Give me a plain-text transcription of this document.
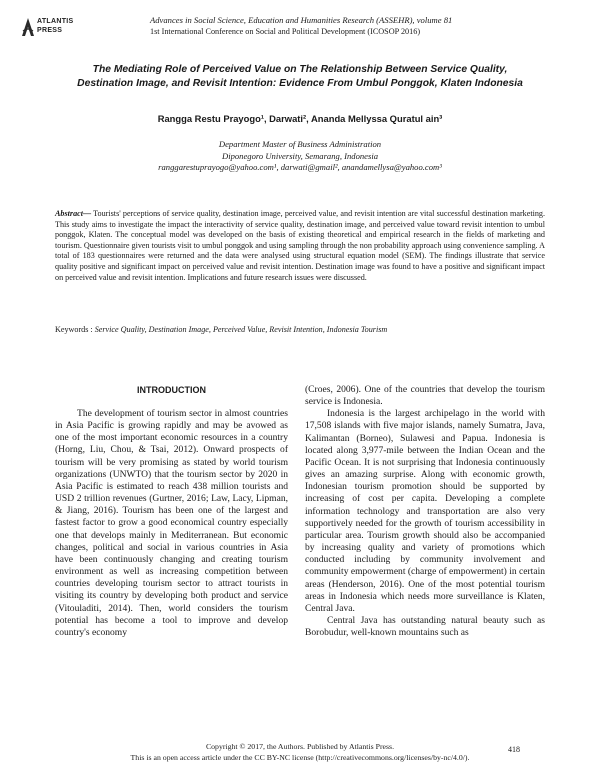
ATLANTIS
PRESS
Advances in Social Science, Education and Humanities Research (ASSEHR), volume 81
1st International Conference on Social and Political Development (ICOSOP 2016)
The Mediating Role of Perceived Value on The Relationship Between Service Quality,
Destination Image, and Revisit Intention: Evidence From Umbul Ponggok, Klaten Indonesia
Rangga Restu Prayogo¹, Darwati², Ananda Mellyssa Quratul ain³
Department Master of Business Administration
Diponegoro University, Semarang, Indonesia
ranggarestuprayogo@yahoo.com¹, darwati@gmail², anandamellysa@yahoo.com³
Abstract— Tourists' perceptions of service quality, destination image, perceived value, and revisit intention are vital successful destination marketing. This study aims to investigate the impact the interactivity of service quality, destination image, and perceived value toward revisit intention to umbul ponggok, Klaten. The conceptual model was developed on the basis of existing theoretical and empirical research in the fields of marketing and tourism. Questionnaire given tourists visit to umbul ponggok and using sampling through the non probability approach using convenience sampling. A total of 183 questionnaires were returned and the data were analysed using structural equation model (SEM). The findings illustrate that service quality positive and significant impact on perceived value and revisit intention. Destination image was found to have a positive and significant impact on perceived value and revisit intention. Implications and future research issues were discussed.
Keywords : Service Quality, Destination Image, Perceived Value, Revisit Intention, Indonesia Tourism
INTRODUCTION

The development of tourism sector in almost countries in Asia Pacific is growing rapidly and may be avowed as one of the most important economic resources in a country (Horng, Liu, Chou, & Tsai, 2012). Onward prospects of tourism will be very promising as stated by world tourism organizations (UNWTO) that the tourism sector by 2020 in Asia Pacific is estimated to reach 438 million tourists and USD 2 trillion revenues (Gurtner, 2016; Law, Lacy, Lipman, & Jiang, 2016). Tourism has been one of the largest and fastest factor to grow a good economical country especially one that develops mainly in Mediterranean. But economic changes, political and social in various countries in Asia have been continuously changing and creating tourism environment as well as increasing competition between countries developing tourism sector to attract tourists in visiting its country by developing both product and service (Vitouladiti, 2014). Then, world considers the tourism potential has become a tool to improve and develop country's economy

(Croes, 2006). One of the countries that develop the tourism service is Indonesia.

Indonesia is the largest archipelago in the world with 17,508 islands with five major islands, namely Sumatra, Java, Kalimantan (Borneo), Sulawesi and Papua. Indonesia is located along 3,977-mile between the Indian Ocean and the Pacific Ocean. It is not surprising that Indonesia continuously gives an amazing surprise. Along with economic growth, Indonesian tourism promotion should be supported by increasing of cost per capita. Developing a complete information technology and transportation are also very supportively needed for the growth of tourism accessibility in particular area. Tourism growth should also be accompanied by increasing quality and variety of promotions which conducted including by community involvement and community empowerment (charge of empowerment) in certain areas (Henderson, 2016). One of the most potential tourism areas in Indonesia which needs more surveillance is Klaten, Central Java.

Central Java has outstanding natural beauty such as Borobudur, well-known mountains such as

Copyright © 2017, the Authors. Published by Atlantis Press.
This is an open access article under the CC BY-NC license (http://creativecommons.org/licenses/by-nc/4.0/).
418
